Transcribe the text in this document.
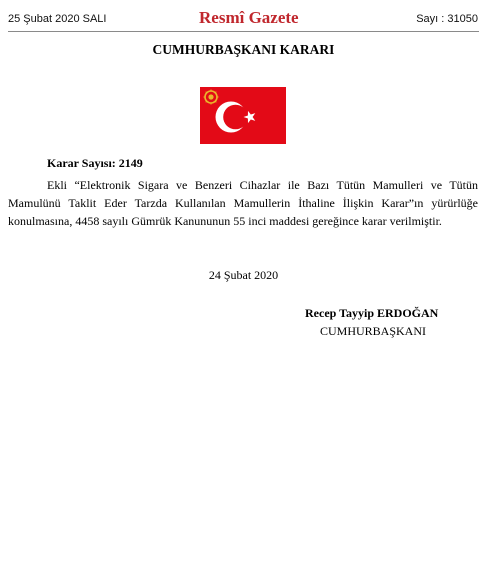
25 Şubat 2020 SALI	Resmî Gazete	Sayı : 31050
CUMHURBAŞKANI KARARI
Karar Sayısı: 2149
Ekli “Elektronik Sigara ve Benzeri Cihazlar ile Bazı Tütün Mamulleri ve Tütün
Mamulünü Taklit Eder Tarzda Kullanılan Mamullerin İthaline İlişkin Karar”ın yürürlüğe
konulmasına, 4458 sayılı Gümrük Kanununun 55 inci maddesi gereğince karar verilmiştir.
24 Şubat 2020
Recep Tayyip ERDOĞAN
CUMHURBAŞKANI
